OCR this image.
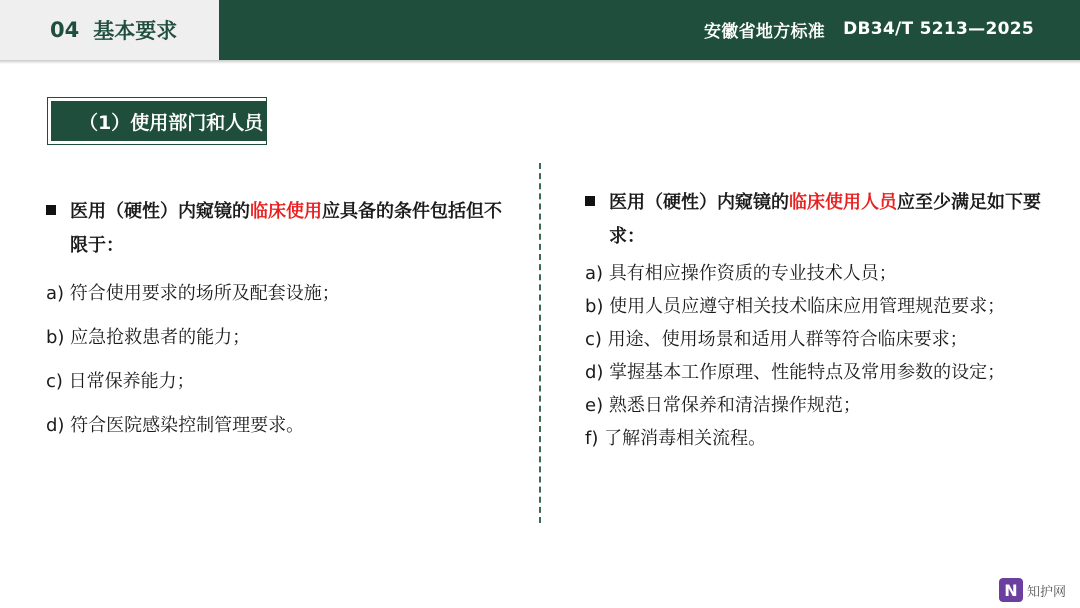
04 基本要求	安徽省地方标准 DB34/T 5213—2025
（1）使用部门和人员
医用（硬性）内窥镜的临床使用应具备的条件包括但不限于：
a) 符合使用要求的场所及配套设施；
b) 应急抢救患者的能力；
c) 日常保养能力；
d) 符合医院感染控制管理要求。
医用（硬性）内窥镜的临床使用人员应至少满足如下要求：
a) 具有相应操作资质的专业技术人员；
b) 使用人员应遵守相关技术临床应用管理规范要求；
c) 用途、使用场景和适用人群等符合临床要求；
d) 掌握基本工作原理、性能特点及常用参数的设定；
e) 熟悉日常保养和清洁操作规范；
f) 了解消毒相关流程。
N 知护网
